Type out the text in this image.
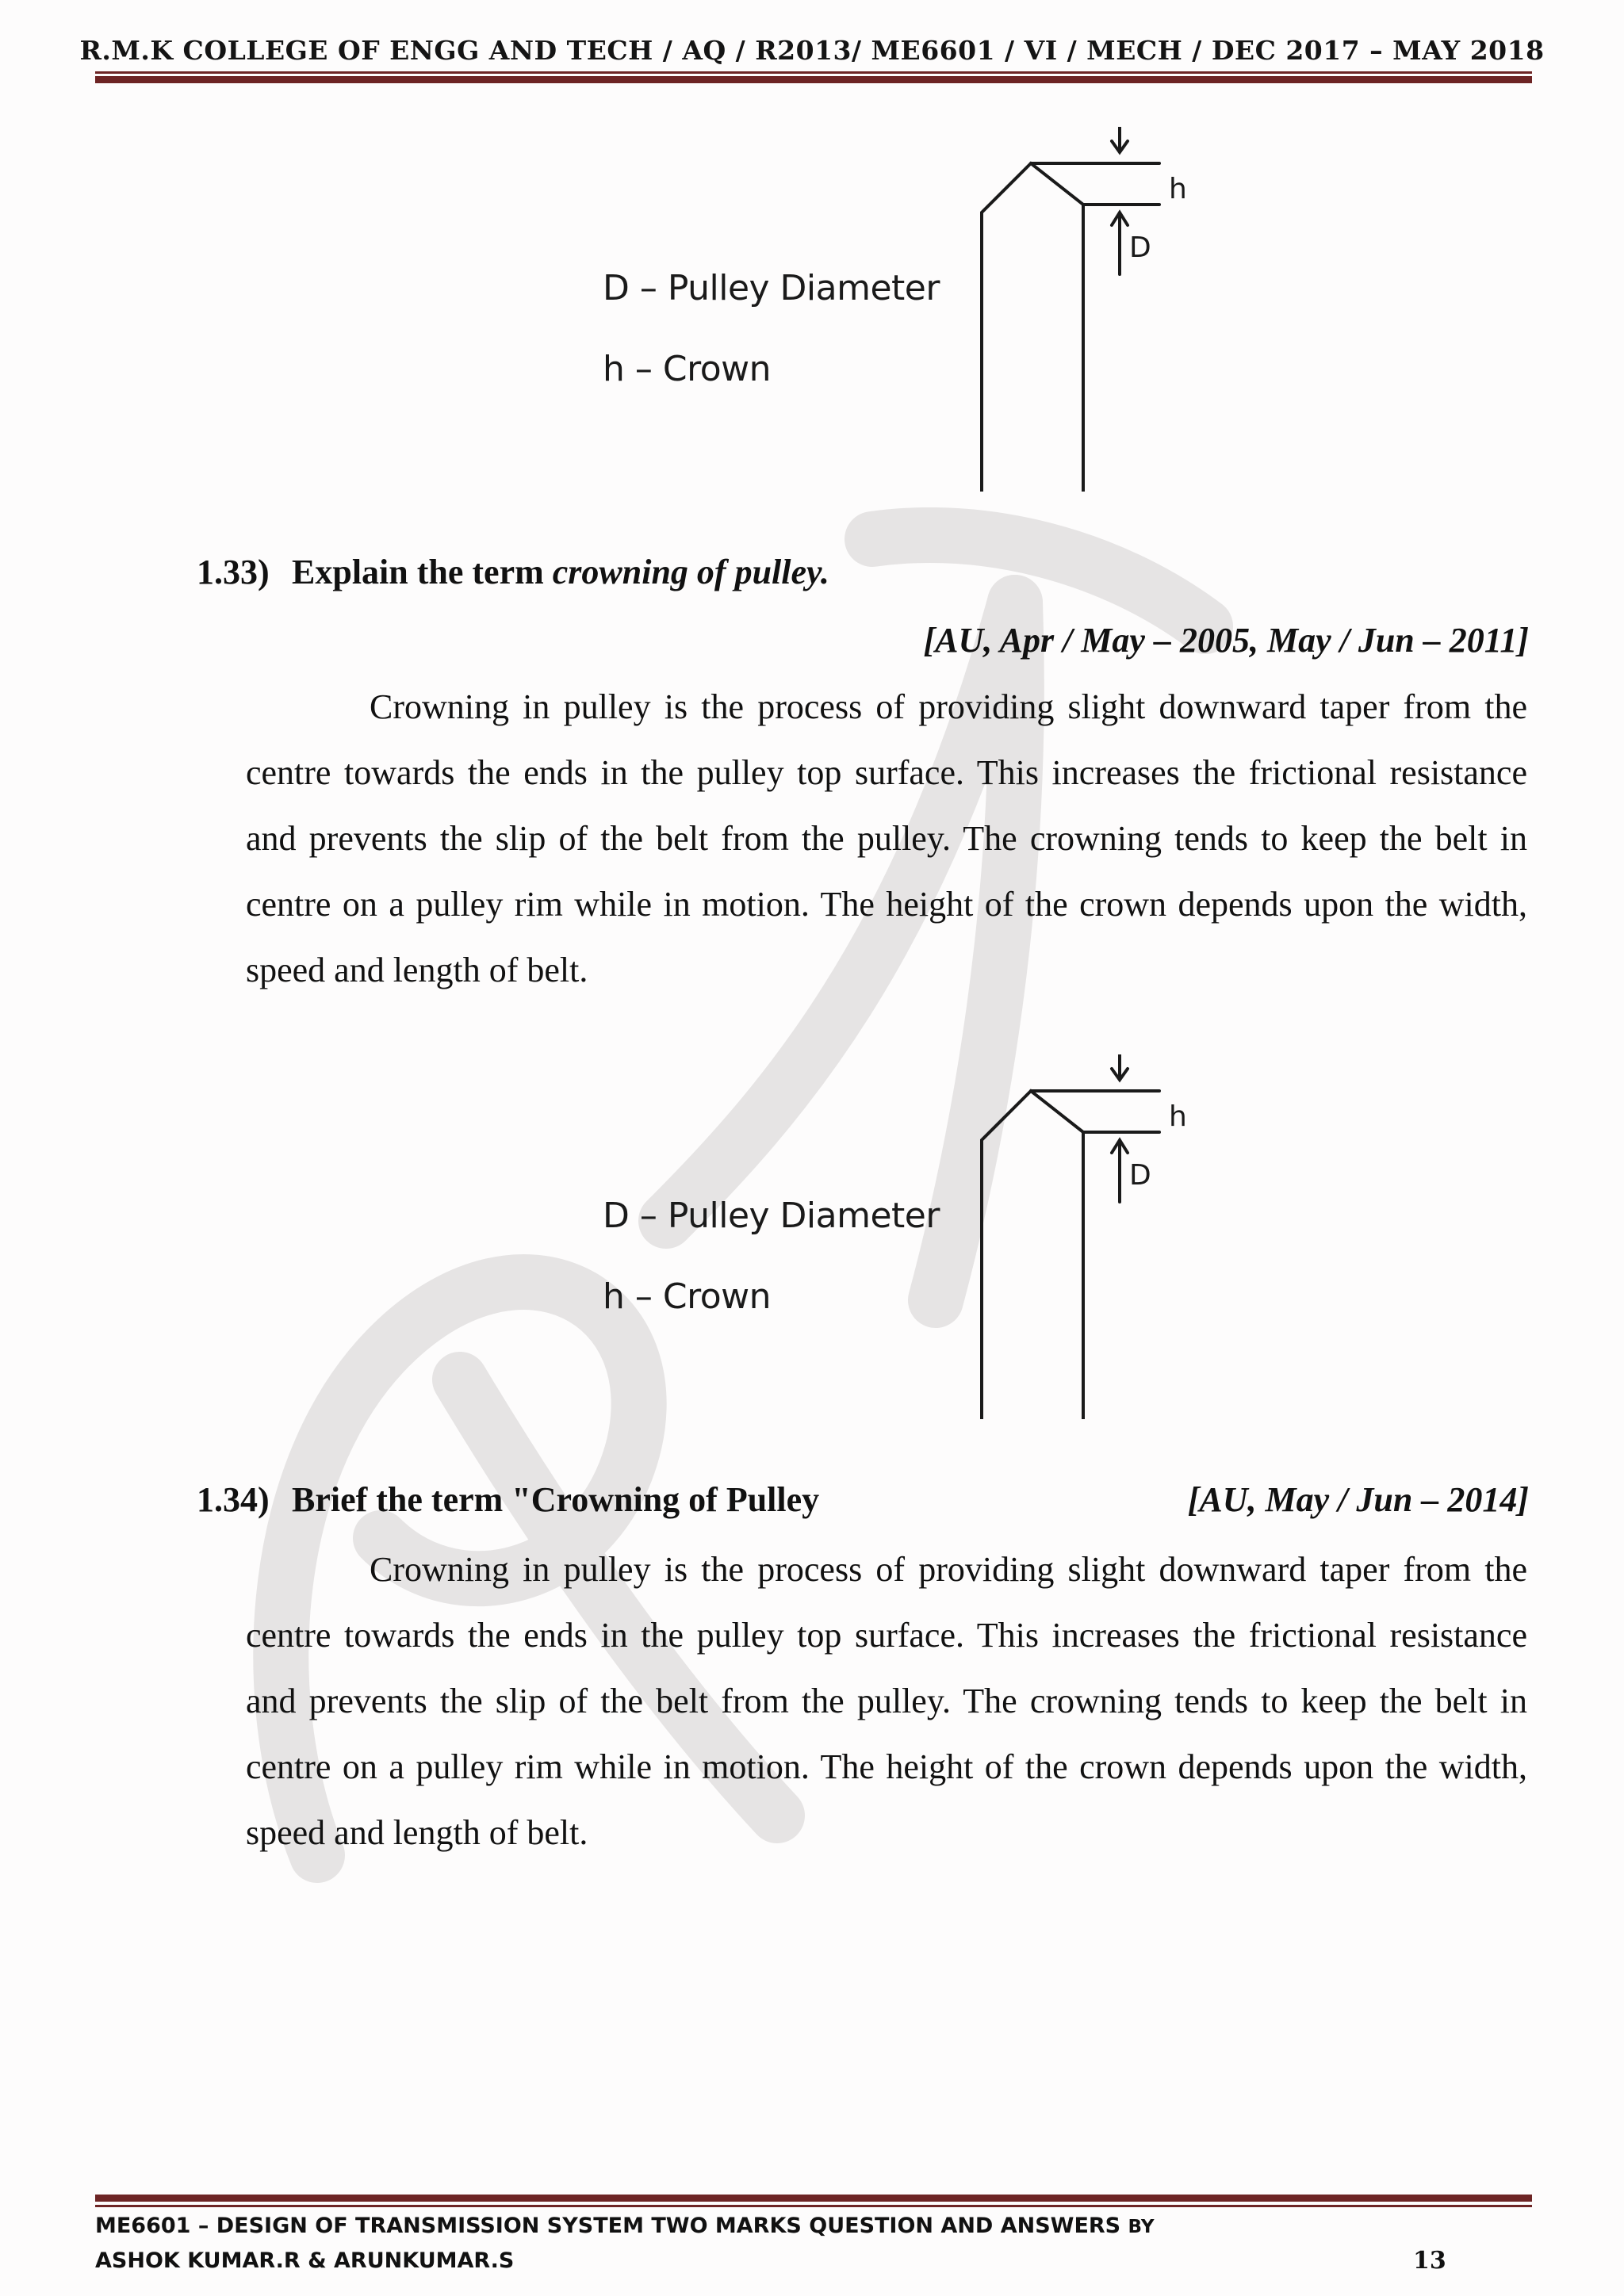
R.M.K COLLEGE OF ENGG AND TECH / AQ / R2013/ ME6601 / VI / MECH / DEC 2017 – MAY 2018
D – Pulley Diameter
h – Crown
h
D
1.33) Explain the term crowning of pulley.
[AU, Apr / May – 2005, May / Jun – 2011]

Crowning in pulley is the process of providing slight downward taper from the centre towards the ends in the pulley top surface. This increases the frictional resistance and prevents the slip of the belt from the pulley. The crowning tends to keep the belt in centre on a pulley rim while in motion. The height of the crown depends upon the width, speed and length of belt.

D – Pulley Diameter
h – Crown
h
D
1.34) Brief the term "Crowning of Pulley	[AU, May / Jun – 2014]

Crowning in pulley is the process of providing slight downward taper from the centre towards the ends in the pulley top surface. This increases the frictional resistance and prevents the slip of the belt from the pulley. The crowning tends to keep the belt in centre on a pulley rim while in motion. The height of the crown depends upon the width, speed and length of belt.

ME6601 – DESIGN OF TRANSMISSION SYSTEM TWO MARKS QUESTION AND ANSWERS BY
ASHOK KUMAR.R & ARUNKUMAR.S	13
